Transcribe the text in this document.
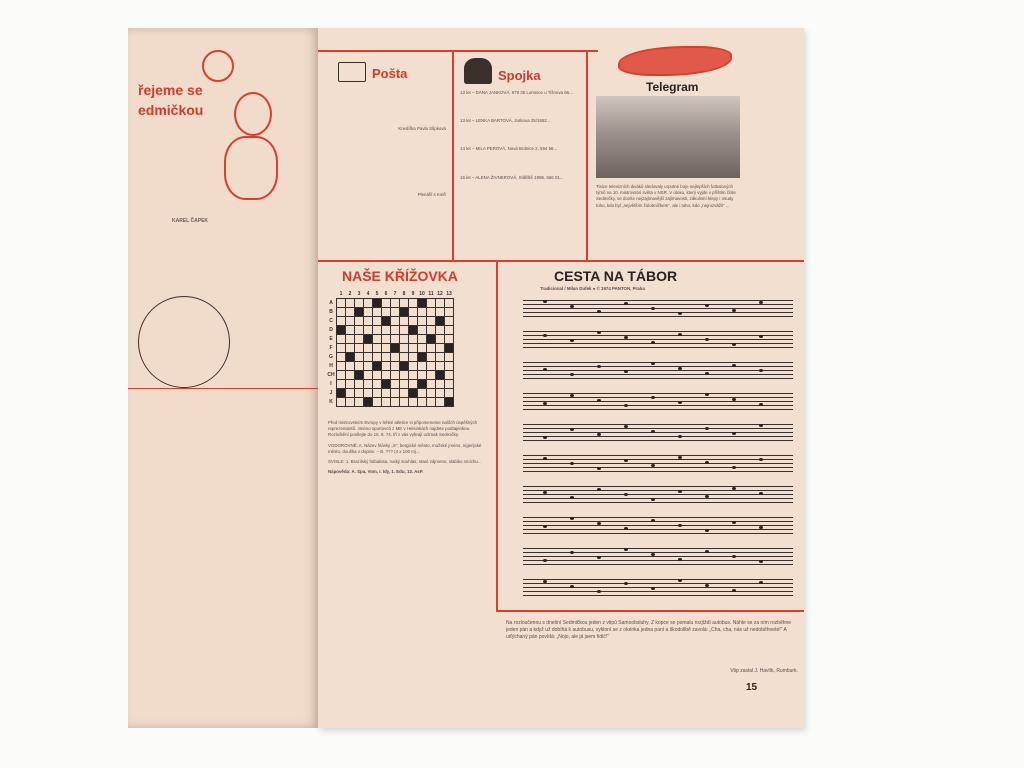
řejeme se
edmičkou
KAREL ČAPEK
Pošta
Kreslířka Pavla Slípková
Plenářil s Kotři
Spojka
13 let – DANA JANKOVÁ, 679 35 Lomnice u Tišnova 66...
13 let – LENKA BARTOVÁ, Jurkova 25/1552...
14 let – MILA PEROVÁ, Nová Brdnice 2, 594 58...
15 let – ALENA ŽIVNEROVÁ, Sídliště 1986, 666 01...
Telegram
Tisíce televizních diváků sledovaly urputné boje nejlepších fotbalových týmů na 10. mistrovství světa v NSR. V útoku, který vyjde v příštím čísle Sedmičky, se dovíte nejzajímavější zajímavosti, zákulisní klepy i osudy toho, kdo byl „největším žolobníčkem", ale i toho, kdo „nejrozvážil" ...
NAŠE KŘÍŽOVKA
	1	2	3	4	5	6	7	8	9	10	11	12	13
A													
B													
C													
D													
E													
F													
G													
H													
CH													
I													
J													
K													
Před mistrovstvím Evropy v lehké atletice si připomeneme naších úspěšných reprezentantů. Jméno sportovců z ME v Helsinkách najdete podtajenkou. Rozluštění posílejte do 16. 8. 74, tři z vás vyhrají odznak Sedmičky.
VODOROVNĚ: A. Název hlásky „S", bergické město, mužské jméno, nigerijské město, douška v dopise. – B. ??? (4 x 100 m)...
SVISLE: 1. Brazilský fotbalista, ruský souhlas, staré zájmeno, slabiko smíchu...
Nápověda: A. Spa, Vom, I. Ídy, 1. Edu, 13. AsP.
CESTA NA TÁBOR
Tradicional / Milan Dufek ● © 1974 PANTON, Praha
Na rozloučenou s dnešní Sedmičkou jeden z vtipů Samoobsluhy. Z kopce se pomalu rozjíždí autobus. Náhle se za ním rozběhne jeden pán a když už dobíhá k autobusu, vykloní se z okénka jedna paní a škodolibě zavolá: „Cha, cha, nás už nedoběhnete!" A uďýchaný pán povídá: „Nojo, ale já jsem řidič!"
Vtip zaslal J. Havlík, Rumburk.
15
